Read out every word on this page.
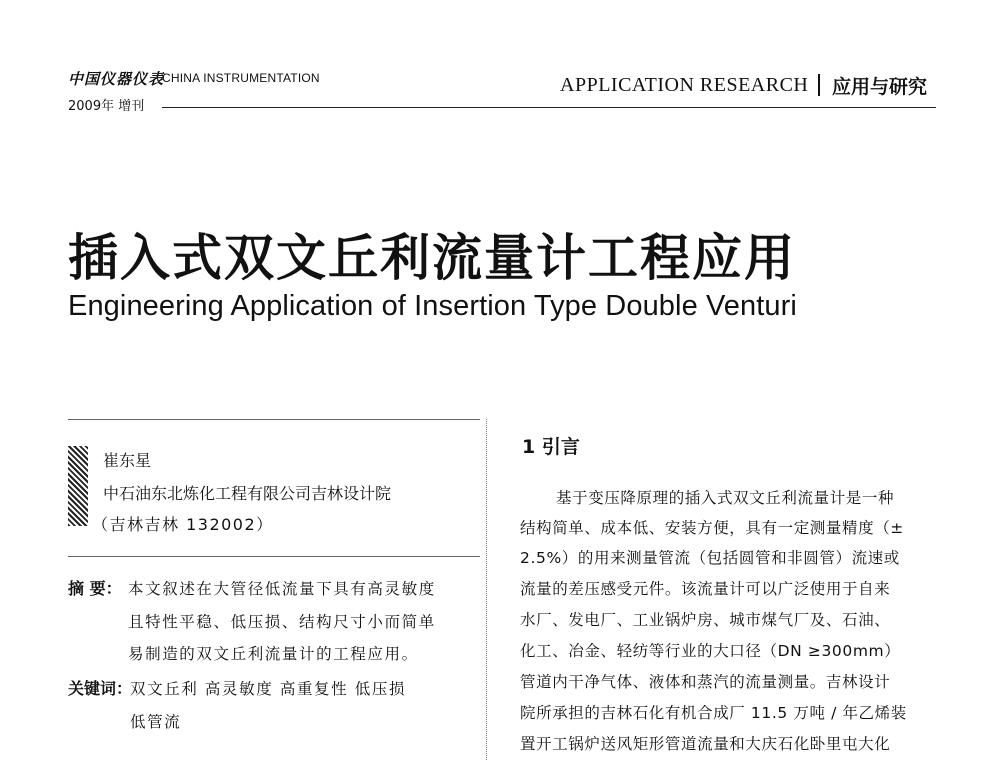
中国仪器仪表
CHINA INSTRUMENTATION
2009年 增刊
APPLICATION RESEARCH 应用与研究
插入式双文丘利流量计工程应用
Engineering Application of Insertion Type Double Venturi
崔东星
中石油东北炼化工程有限公司吉林设计院
（吉林吉林 132002）
摘 要： 本文叙述在大管径低流量下具有高灵敏度
且特性平稳、低压损、结构尺寸小而简单
易制造的双文丘利流量计的工程应用。
关键词：
双文丘利 高灵敏度 高重复性 低压损
低管流
1 引言
基于变压降原理的插入式双文丘利流量计是一种
结构简单、成本低、安装方便，具有一定测量精度（±
2.5%）的用来测量管流（包括圆管和非圆管）流速或
流量的差压感受元件。该流量计可以广泛使用于自来
水厂、发电厂、工业锅炉房、城市煤气厂及、石油、
化工、冶金、轻纺等行业的大口径（DN ≥300mm）
管道内干净气体、液体和蒸汽的流量测量。吉林设计
院所承担的吉林石化有机合成厂 11.5 万吨 / 年乙烯装
置开工锅炉送风矩形管道流量和大庆石化卧里屯大化
